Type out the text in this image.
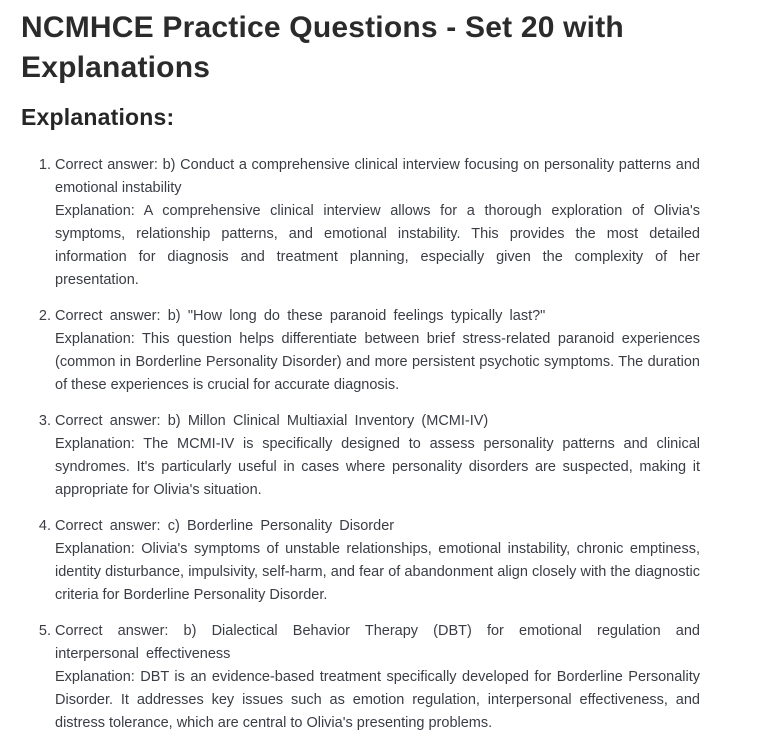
NCMHCE Practice Questions - Set 20 with Explanations
Explanations:
1. Correct answer: b) Conduct a comprehensive clinical interview focusing on personality patterns and emotional instability
Explanation: A comprehensive clinical interview allows for a thorough exploration of Olivia's symptoms, relationship patterns, and emotional instability. This provides the most detailed information for diagnosis and treatment planning, especially given the complexity of her presentation.
2. Correct answer: b) "How long do these paranoid feelings typically last?"
Explanation: This question helps differentiate between brief stress-related paranoid experiences (common in Borderline Personality Disorder) and more persistent psychotic symptoms. The duration of these experiences is crucial for accurate diagnosis.
3. Correct answer: b) Millon Clinical Multiaxial Inventory (MCMI-IV)
Explanation: The MCMI-IV is specifically designed to assess personality patterns and clinical syndromes. It's particularly useful in cases where personality disorders are suspected, making it appropriate for Olivia's situation.
4. Correct answer: c) Borderline Personality Disorder
Explanation: Olivia's symptoms of unstable relationships, emotional instability, chronic emptiness, identity disturbance, impulsivity, self-harm, and fear of abandonment align closely with the diagnostic criteria for Borderline Personality Disorder.
5. Correct answer: b) Dialectical Behavior Therapy (DBT) for emotional regulation and interpersonal effectiveness
Explanation: DBT is an evidence-based treatment specifically developed for Borderline Personality Disorder. It addresses key issues such as emotion regulation, interpersonal effectiveness, and distress tolerance, which are central to Olivia's presenting problems.
